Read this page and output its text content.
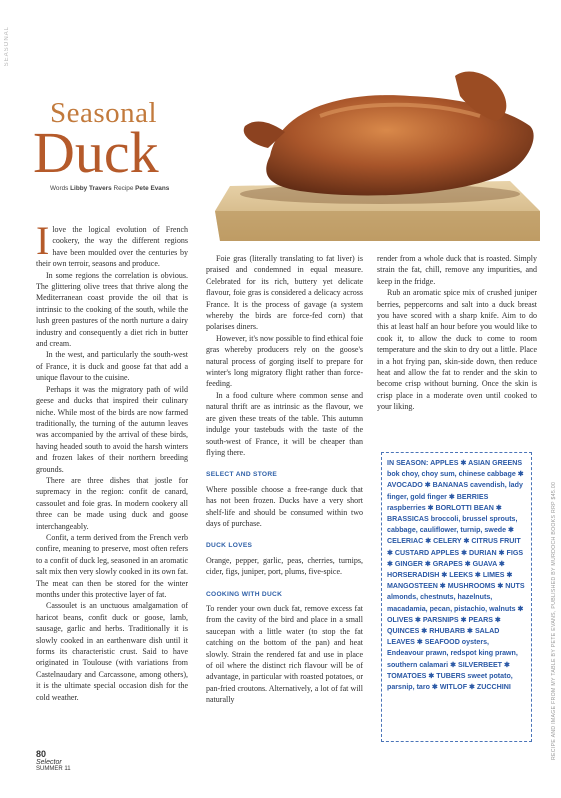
SEASONAL
RECIPE AND IMAGE FROM MY TABLE BY PETE EVANS, PUBLISHED BY MURDOCH BOOKS RRP $45.00
Seasonal
Duck
Words Libby Travers Recipe Pete Evans

Ilove the logical evolution of French cookery, the way the different regions have been moulded over the centuries by their own terroir, seasons and produce.

In some regions the correlation is obvious. The glittering olive trees that thrive along the Mediterranean coast provide the oil that is intrinsic to the cooking of the south, while the lush green pastures of the north nurture a dairy industry and consequently a diet rich in butter and cream.

In the west, and particularly the south-west of France, it is duck and goose fat that add a unique flavour to the cuisine.

Perhaps it was the migratory path of wild geese and ducks that inspired their culinary niche. While most of the birds are now farmed traditionally, the turning of the autumn leaves was accompanied by the arrival of these birds, having headed south to avoid the harsh winters and frozen lakes of their northern breeding grounds.

There are three dishes that jostle for supremacy in the region: confit de canard, cassoulet and foie gras. In modern cookery all three can be made using duck and goose interchangeably.

Confit, a term derived from the French verb confire, meaning to preserve, most often refers to a confit of duck leg, seasoned in an aromatic salt mix then very slowly cooked in its own fat. The meat can then be stored for the winter months under this protective layer of fat.

Cassoulet is an unctuous amalgamation of haricot beans, confit duck or goose, lamb, sausage, garlic and herbs. Traditionally it is slowly cooked in an earthenware dish until it forms its characteristic crust. Said to have originated in Toulouse (with variations from Castelnaudary and Carcassone, among others), it is the ultimate special occasion dish for the cold weather.

Foie gras (literally translating to fat liver) is praised and condemned in equal measure. Celebrated for its rich, buttery yet delicate flavour, foie gras is considered a delicacy across France. It is the process of gavage (a system whereby the birds are force-fed corn) that polarises diners.

However, it's now possible to find ethical foie gras whereby producers rely on the goose's natural process of gorging itself to prepare for winter's long migratory flight rather than force-feeding.

In a food culture where common sense and natural thrift are as intrinsic as the flavour, we are given these treats of the table. This autumn indulge your tastebuds with the taste of the south-west of France, it will be cheaper than flying there.

SELECT AND STORE

Where possible choose a free-range duck that has not been frozen. Ducks have a very short shelf-life and should be consumed within two days of purchase.

DUCK LOVES

Orange, pepper, garlic, peas, cherries, turnips, cider, figs, juniper, port, plums, five-spice.

COOKING WITH DUCK

To render your own duck fat, remove excess fat from the cavity of the bird and place in a small saucepan with a little water (to stop the fat catching on the bottom of the pan) and heat slowly. Strain the rendered fat and use in place of oil where the distinct rich flavour will be of advantage, in particular with roasted potatoes, or pan-fried croutons. Alternatively, a lot of fat will naturally

render from a whole duck that is roasted. Simply strain the fat, chill, remove any impurities, and keep in the fridge.

Rub an aromatic spice mix of crushed juniper berries, peppercorns and salt into a duck breast you have scored with a sharp knife. Aim to do this at least half an hour before you would like to cook it, to allow the duck to come to room temperature and the skin to dry out a little. Place in a hot frying pan, skin-side down, then reduce heat and allow the fat to render and the skin to become crisp without burning. Once the skin is crisp place in a moderate oven until cooked to your liking.

IN SEASON: APPLES ✱ ASIAN GREENS bok choy, choy sum, chinese cabbage ✱ AVOCADO ✱ BANANAS cavendish, lady finger, gold finger ✱ BERRIES raspberries ✱ BORLOTTI BEAN ✱ BRASSICAS broccoli, brussel sprouts, cabbage, cauliflower, turnip, swede ✱ CELERIAC ✱ CELERY ✱ CITRUS FRUIT ✱ CUSTARD APPLES ✱ DURIAN ✱ FIGS ✱ GINGER ✱ GRAPES ✱ GUAVA ✱ HORSERADISH ✱ LEEKS ✱ LIMES ✱ MANGOSTEEN ✱ MUSHROOMS ✱ NUTS almonds, chestnuts, hazelnuts, macadamia, pecan, pistachio, walnuts ✱ OLIVES ✱ PARSNIPS ✱ PEARS ✱ QUINCES ✱ RHUBARB ✱ SALAD LEAVES ✱ SEAFOOD oysters, Endeavour prawn, redspot king prawn, southern calamari ✱ SILVERBEET ✱ TOMATOES ✱ TUBERS sweet potato, parsnip, taro ✱ WITLOF ✱ ZUCCHINI
80
Selector
SUMMER 11
